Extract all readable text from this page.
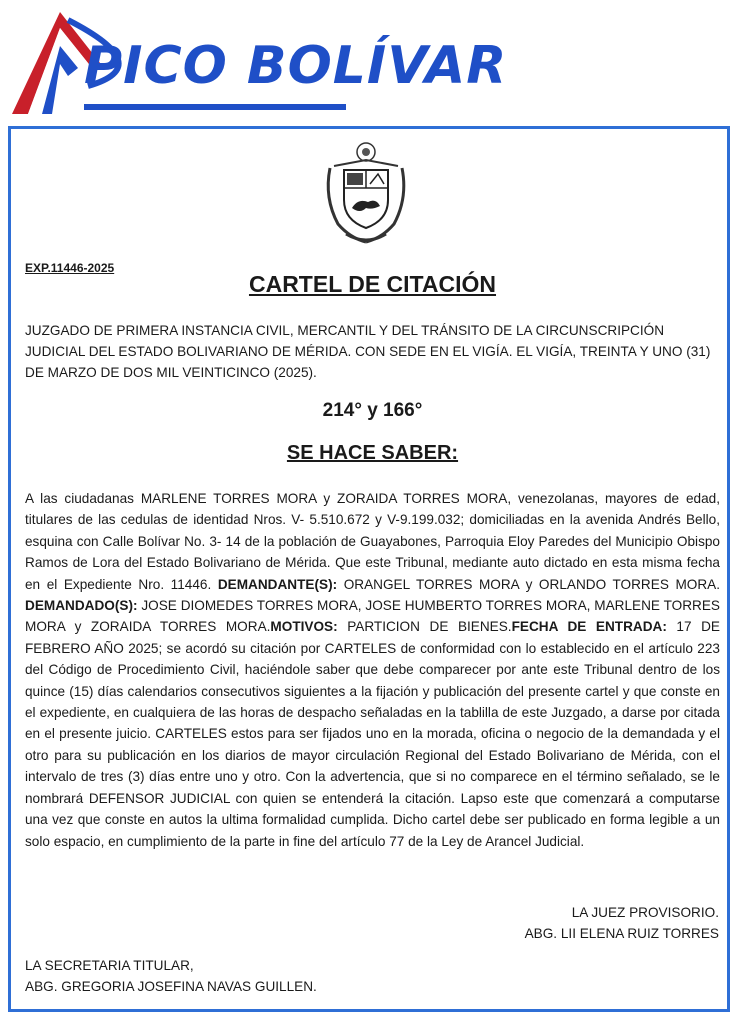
PICO BOLÍVAR
EXP.11446-2025
CARTEL DE CITACIÓN
JUZGADO DE PRIMERA INSTANCIA CIVIL, MERCANTIL Y DEL TRÁNSITO DE LA CIRCUNSCRIPCIÓN JUDICIAL DEL ESTADO BOLIVARIANO DE MÉRIDA. CON SEDE EN EL VIGÍA. EL VIGÍA, TREINTA Y UNO (31) DE MARZO DE DOS MIL VEINTICINCO (2025).
214° y 166°
SE HACE SABER:
A las ciudadanas MARLENE TORRES MORA y ZORAIDA TORRES MORA, venezolanas, mayores de edad, titulares de las cedulas de identidad Nros. V- 5.510.672 y V-9.199.032; domiciliadas en la avenida Andrés Bello, esquina con Calle Bolívar No. 3- 14 de la población de Guayabones, Parroquia Eloy Paredes del Municipio Obispo Ramos de Lora del Estado Bolivariano de Mérida. Que este Tribunal, mediante auto dictado en esta misma fecha en el Expediente Nro. 11446. DEMANDANTE(S): ORANGEL TORRES MORA y ORLANDO TORRES MORA. DEMANDADO(S): JOSE DIOMEDES TORRES MORA, JOSE HUMBERTO TORRES MORA, MARLENE TORRES MORA y ZORAIDA TORRES MORA.MOTIVOS: PARTICION DE BIENES.FECHA DE ENTRADA: 17 DE FEBRERO AÑO 2025; se acordó su citación por CARTELES de conformidad con lo establecido en el artículo 223 del Código de Procedimiento Civil, haciéndole saber que debe comparecer por ante este Tribunal dentro de los quince (15) días calendarios consecutivos siguientes a la fijación y publicación del presente cartel y que conste en el expediente, en cualquiera de las horas de despacho señaladas en la tablilla de este Juzgado, a darse por citada en el presente juicio. CARTELES estos para ser fijados uno en la morada, oficina o negocio de la demandada y el otro para su publicación en los diarios de mayor circulación Regional del Estado Bolivariano de Mérida, con el intervalo de tres (3) días entre uno y otro. Con la advertencia, que si no comparece en el término señalado, se le nombrará DEFENSOR JUDICIAL con quien se entenderá la citación. Lapso este que comenzará a computarse una vez que conste en autos la ultima formalidad cumplida. Dicho cartel debe ser publicado en forma legible a un solo espacio, en cumplimiento de la parte in fine del artículo 77 de la Ley de Arancel Judicial.
LA JUEZ PROVISORIO.
ABG. LII ELENA RUIZ TORRES
LA SECRETARIA TITULAR,
ABG. GREGORIA JOSEFINA NAVAS GUILLEN.
